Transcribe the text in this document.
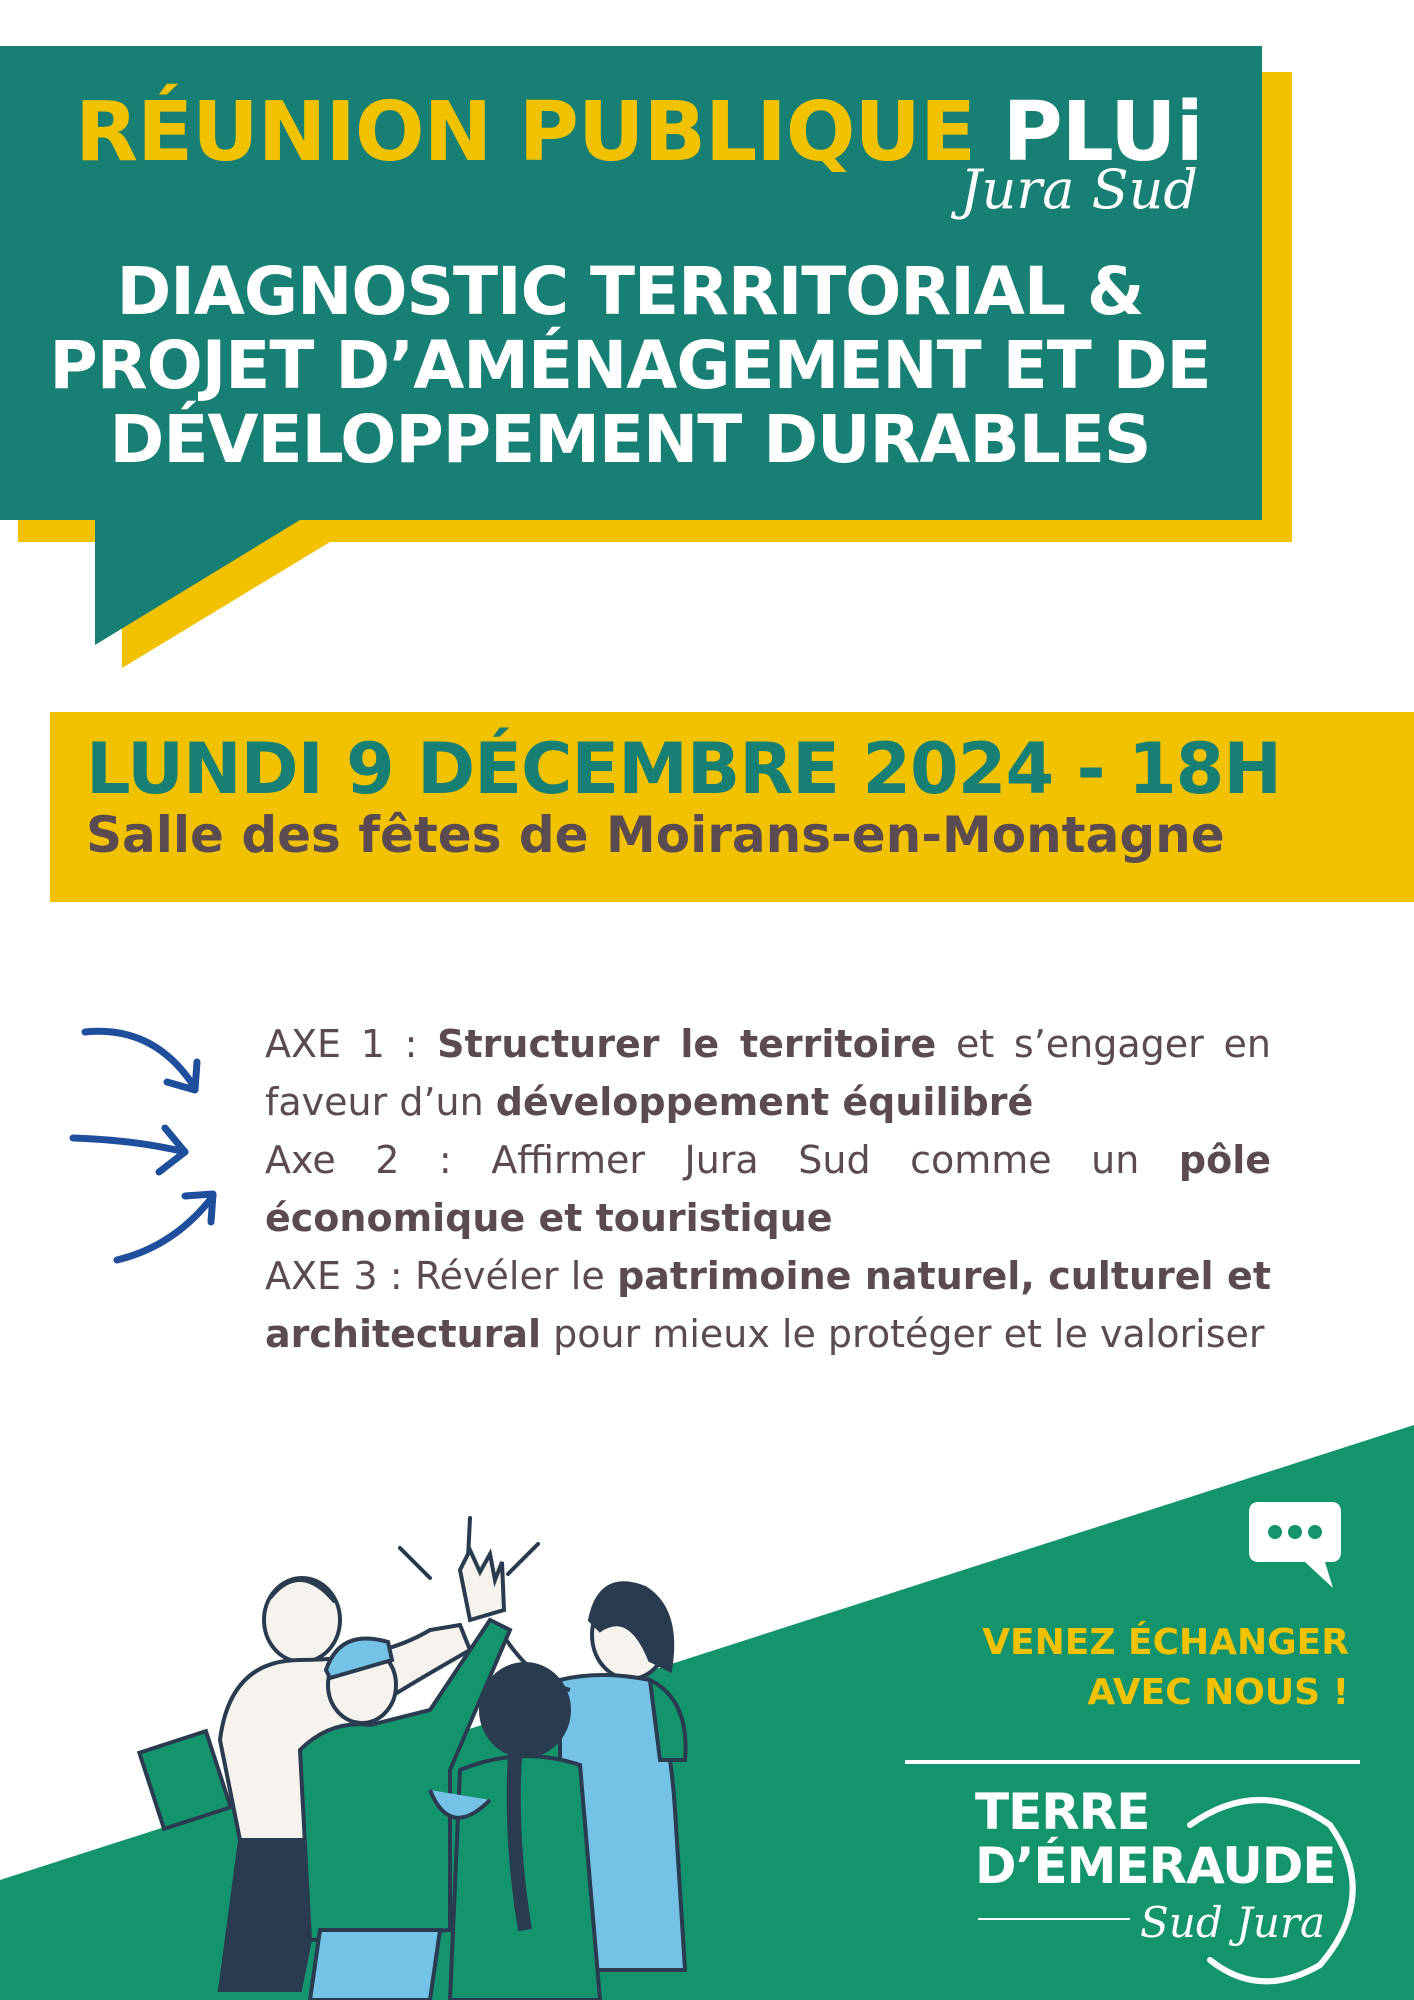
RÉUNION PUBLIQUE PLUi
Jura Sud
DIAGNOSTIC TERRITORIAL &
PROJET D’AMÉNAGEMENT ET DE
DÉVELOPPEMENT DURABLES
LUNDI 9 DÉCEMBRE 2024 - 18H
Salle des fêtes de Moirans-en-Montagne

AXE 1 : Structurer le territoire et s’engager en faveur d’un développement équilibré

Axe 2 : Affirmer Jura Sud comme un pôle économique et touristique

AXE 3 : Révéler le patrimoine naturel, culturel et architectural pour mieux le protéger et le valoriser

VENEZ ÉCHANGER
AVEC NOUS !
TERRE
D’ÉMERAUDE
Sud Jura
